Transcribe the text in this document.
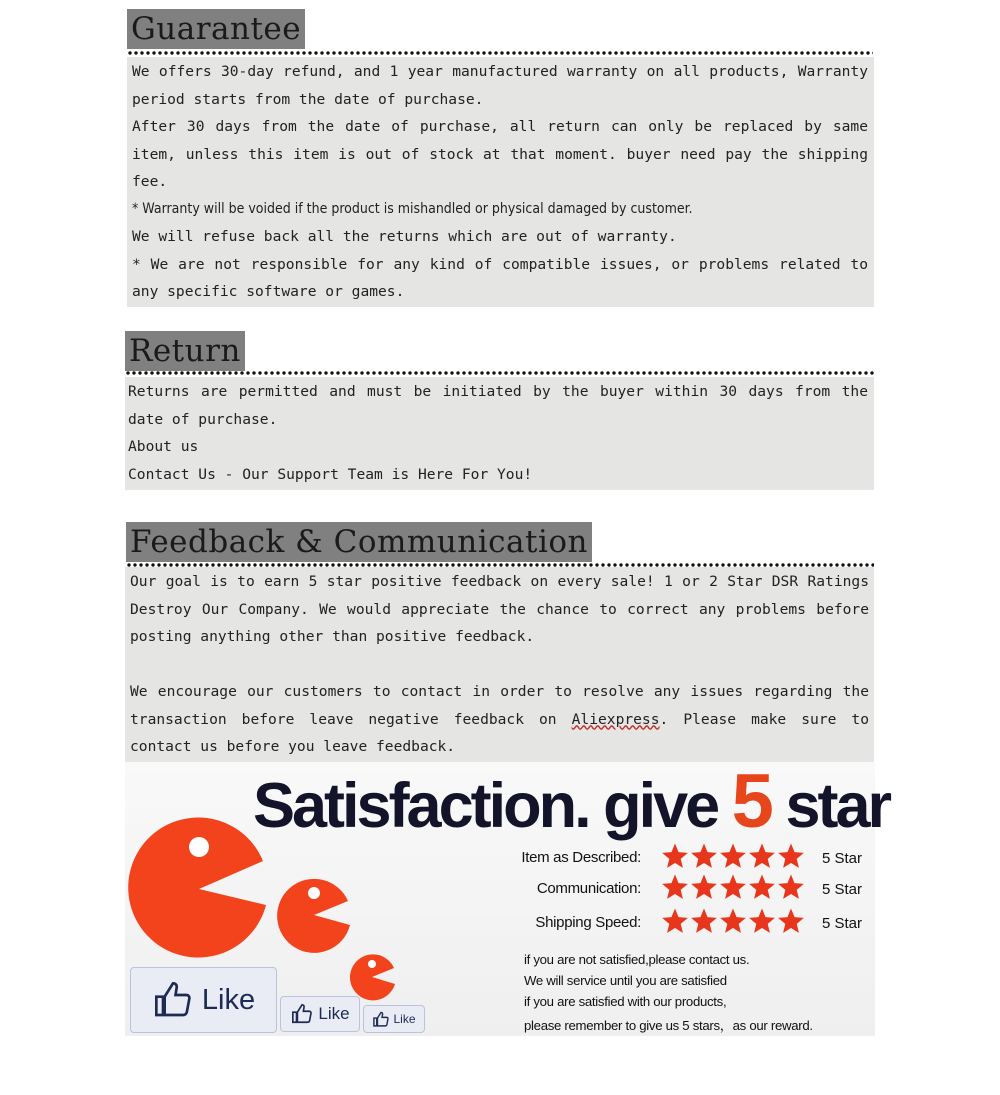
Guarantee

We offers 30-day refund, and 1 year manufactured warranty on all products, Warranty period starts from the date of purchase.

After 30 days from the date of purchase, all return can only be replaced by same item, unless this item is out of stock at that moment. buyer need pay the shipping fee.

* Warranty will be voided if the product is mishandled or physical damaged by customer.

We will refuse back all the returns which are out of warranty.

* We are not responsible for any kind of compatible issues, or problems related to any specific software or games.

Return

Returns are permitted and must be initiated by the buyer within 30 days from the date of purchase.

About us

Contact Us - Our Support Team is Here For You!

Feedback & Communication

Our goal is to earn 5 star positive feedback on every sale! 1 or 2 Star DSR Ratings Destroy Our Company. We would appreciate the chance to correct any problems before posting anything other than positive feedback.

We encourage our customers to contact in order to resolve any issues regarding the transaction before leave negative feedback on Aliexpress. Please make sure to contact us before you leave feedback.

Satisfaction. give 5 star
Like	Like	Like
Item as Described:	5 Star
Communication:	5 Star
Shipping Speed:	5 Star
if you are not satisfied,please contact us.
We will service until you are satisfied
if you are satisfied with our products,
please remember to give us 5 stars，as our reward.
